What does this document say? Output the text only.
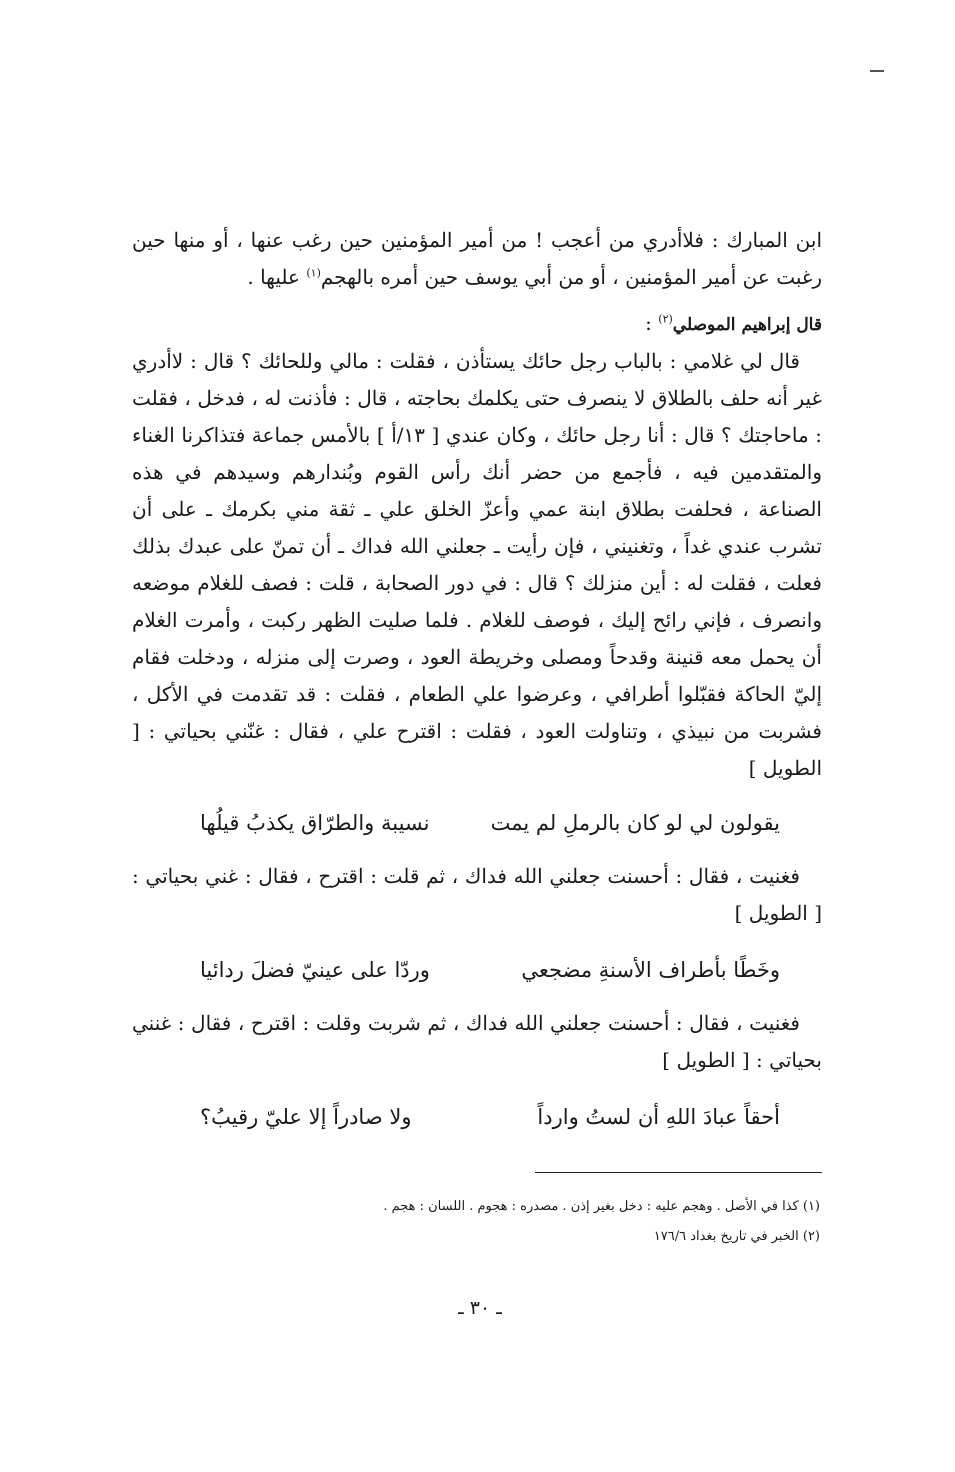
ابن المبارك : فلاأدري من أعجب ! من أمير المؤمنين حين رغب عنها ، أو منها حين رغبت عن أمير المؤمنين ، أو من أبي يوسف حين أمره بالهجم$^{(١)}$ عليها .

قال إبراهيم الموصلي$^{(٢)}$ :

قال لي غلامي : بالباب رجل حائك يستأذن ، فقلت : مالي وللحائك ؟ قال : لاأدري غير أنه حلف بالطلاق لا ينصرف حتى يكلمك بحاجته ، قال : فأذنت له ، فدخل ، فقلت : ماحاجتك ؟ قال : أنا رجل حائك ، وكان عندي [ ١٣/أ ] بالأمس جماعة فتذاكرنا الغناء والمتقدمين فيه ، فأجمع من حضر أنك رأس القوم وبُندارهم وسيدهم في هذه الصناعة ، فحلفت بطلاق ابنة عمي وأعزّ الخلق علي ـ ثقة مني بكرمك ـ على أن تشرب عندي غداً ، وتغنيني ، فإن رأيت ـ جعلني الله فداك ـ أن تمنّ على عبدك بذلك فعلت ، فقلت له : أين منزلك ؟ قال : في دور الصحابة ، قلت : فصف للغلام موضعه وانصرف ، فإني رائح إليك ، فوصف للغلام . فلما صليت الظهر ركبت ، وأمرت الغلام أن يحمل معه قنينة وقدحاً ومصلى وخريطة العود ، وصرت إلى منزله ، ودخلت فقام إليّ الحاكة فقبّلوا أطرافي ، وعرضوا علي الطعام ، فقلت : قد تقدمت في الأكل ، فشربت من نبيذي ، وتناولت العود ، فقلت : اقترح علي ، فقال : غنّني بحياتي : [ الطويل ]

يقولون لي لو كان بالرملِ لم يمت
نسيبة والطرّاق يكذبُ قيلُها

فغنيت ، فقال : أحسنت جعلني الله فداك ، ثم قلت : اقترح ، فقال : غني بحياتي : [ الطويل ]

وخَطًا بأطراف الأسنةِ مضجعي
وردّا على عينيّ فضلَ ردائيا

فغنيت ، فقال : أحسنت جعلني الله فداك ، ثم شربت وقلت : اقترح ، فقال : غنني بحياتي : [ الطويل ]

أحقاً عبادَ اللهِ أن لستُ وارداً
ولا صادراً إلا عليّ رقيبُ؟

(١) كذا في الأصل . وهجم عليه : دخل بغير إذن . مصدره : هجوم . اللسان : هجم .

(٢) الخبر في تاريخ بغداد ١٧٦/٦

ـ ٣٠ ـ
